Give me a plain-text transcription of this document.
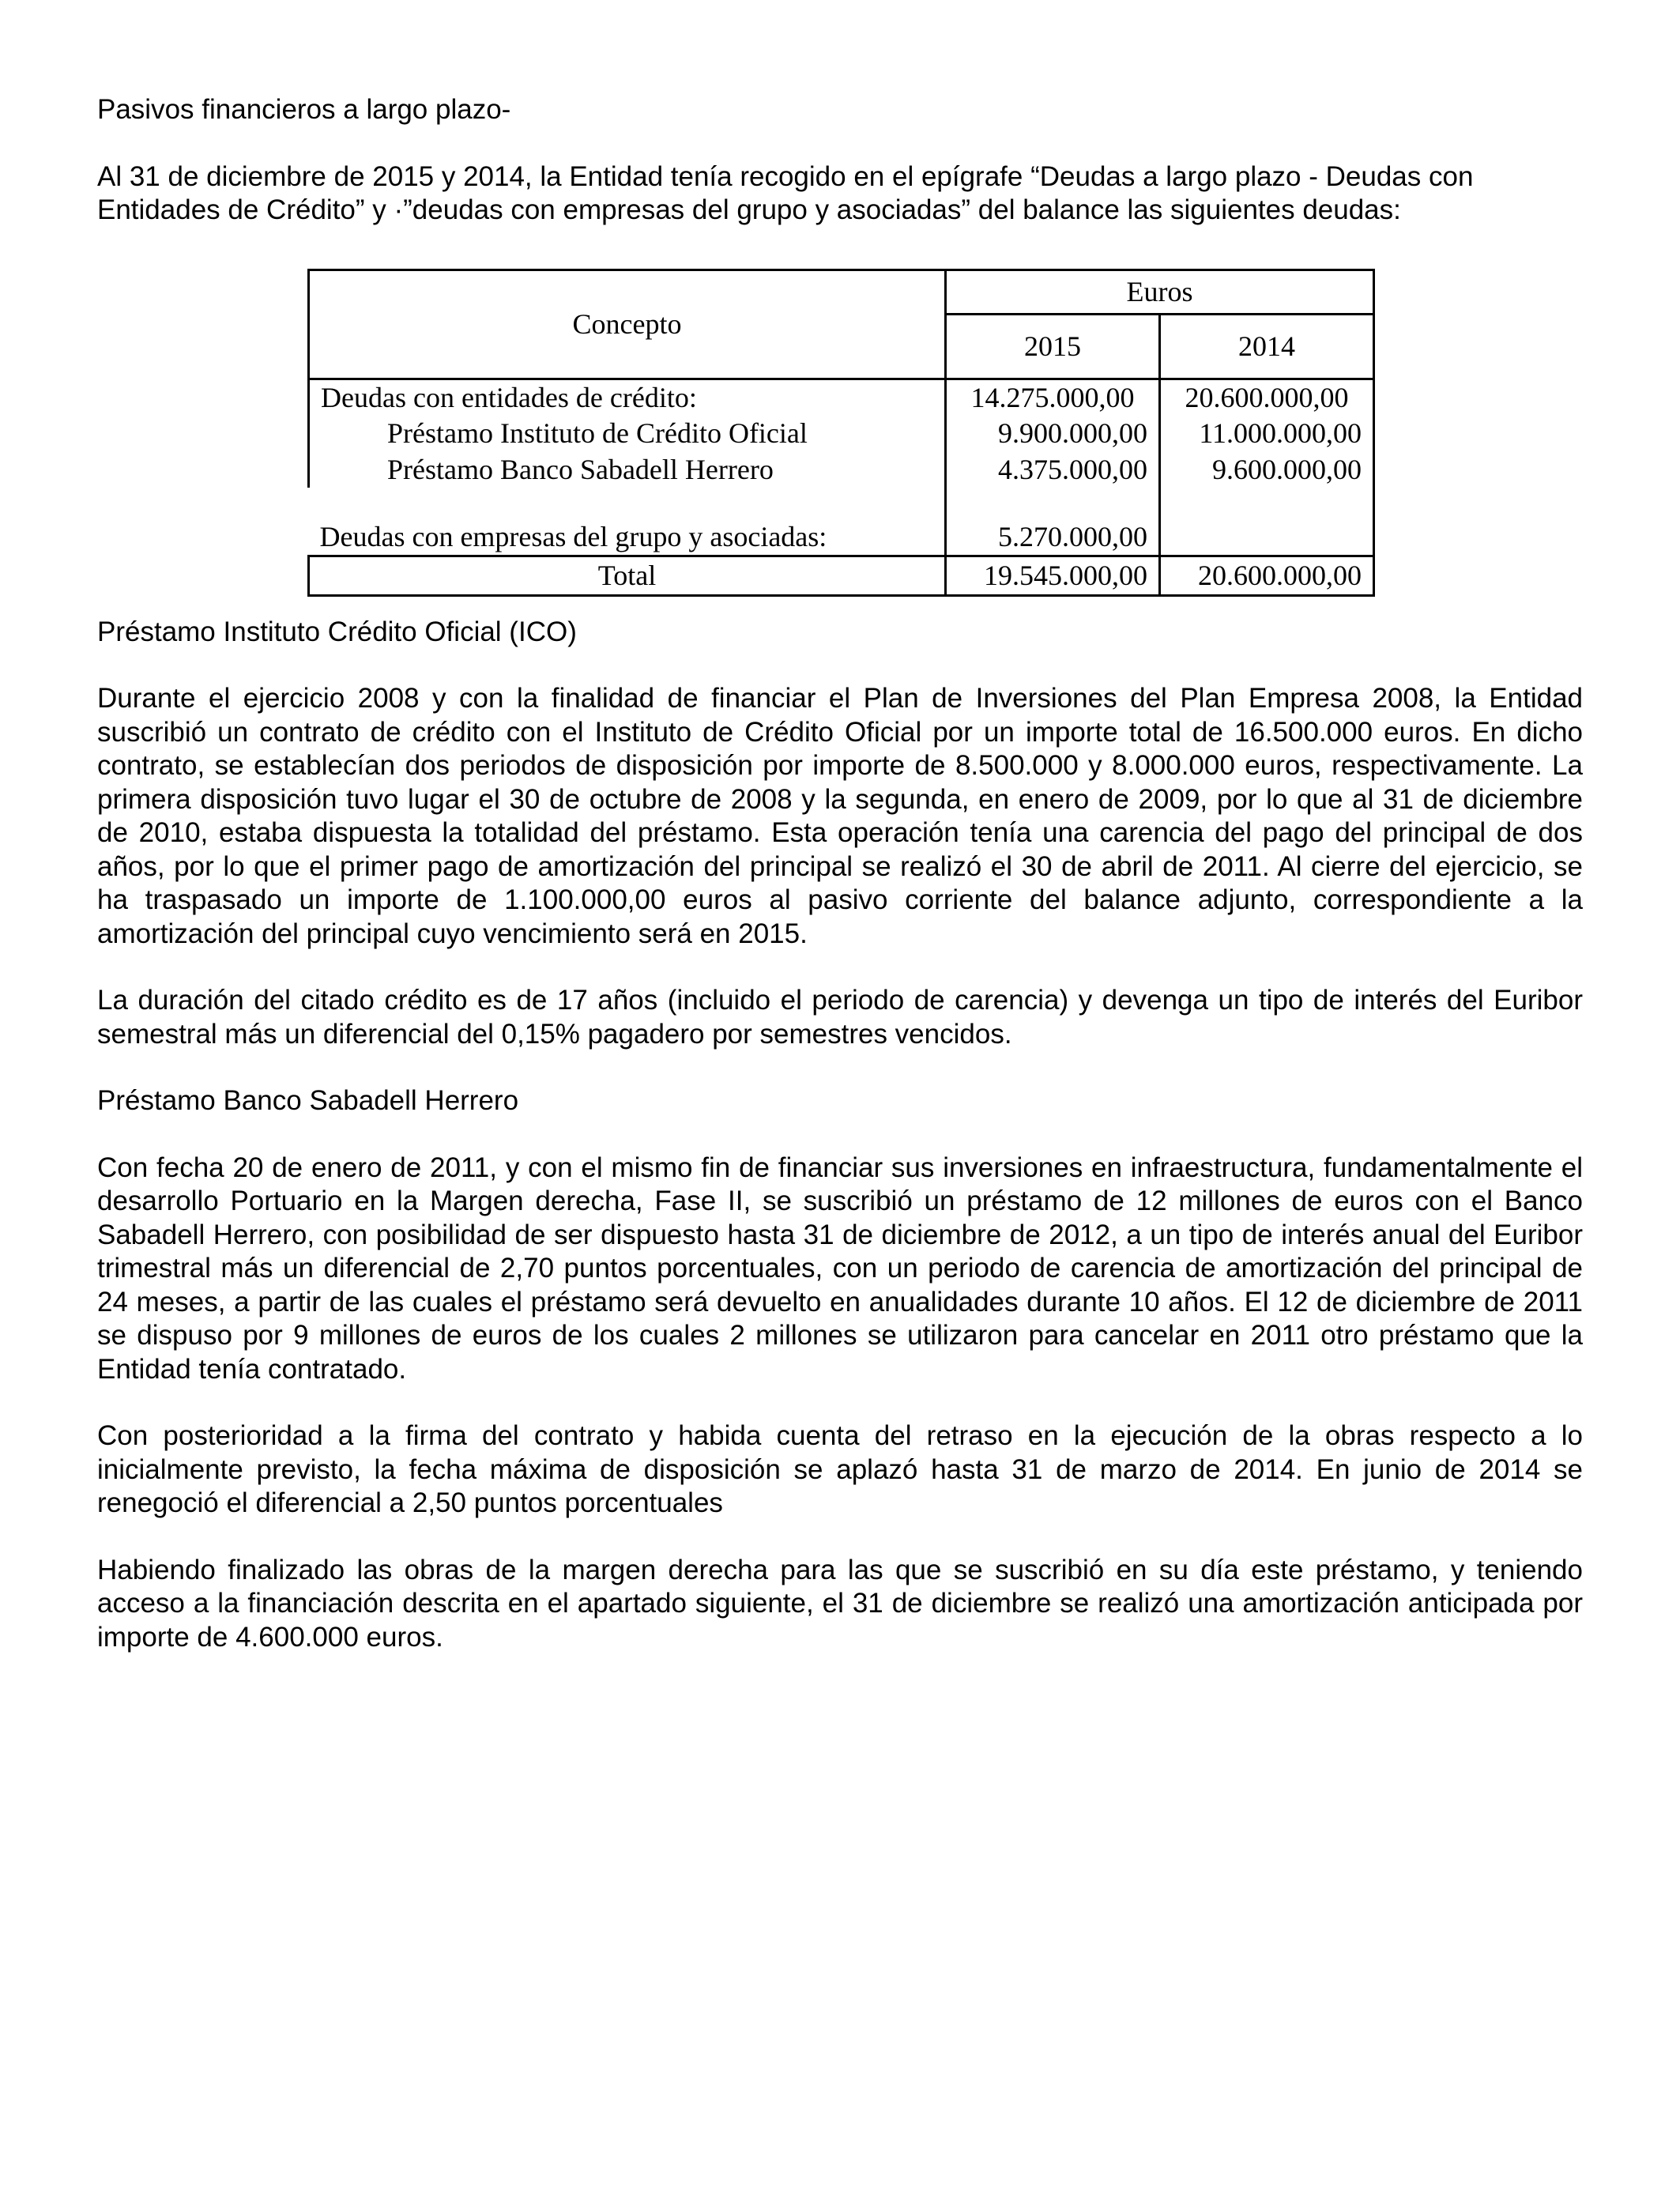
Pasivos financieros a largo plazo-

Al 31 de diciembre de 2015 y 2014, la Entidad tenía recogido en el epígrafe “Deudas a largo plazo - Deudas con Entidades de Crédito” y ·”deudas con empresas del grupo y asociadas” del balance las siguientes deudas:

Concepto	Euros	
	2015	2014
Deudas con entidades de crédito:	14.275.000,00	20.600.000,00
Préstamo Instituto de Crédito Oficial	9.900.000,00	11.000.000,00
Préstamo Banco Sabadell Herrero	4.375.000,00	9.600.000,00

Deudas con empresas del grupo y asociadas:	5.270.000,00	
Total	19.545.000,00	20.600.000,00

Préstamo Instituto Crédito Oficial (ICO)

Durante el ejercicio 2008 y con la finalidad de financiar el Plan de Inversiones del Plan Empresa 2008, la Entidad suscribió un contrato de crédito con el Instituto de Crédito Oficial por un importe total de 16.500.000 euros. En dicho contrato, se establecían dos periodos de disposición por importe de 8.500.000 y 8.000.000 euros, respectivamente. La primera disposición tuvo lugar el 30 de octubre de 2008 y la segunda, en enero de 2009, por lo que al 31 de diciembre de 2010, estaba dispuesta la totalidad del préstamo. Esta operación tenía una carencia del pago del principal de dos años, por lo que el primer pago de amortización del principal se realizó el 30 de abril de 2011. Al cierre del ejercicio, se ha traspasado un importe de 1.100.000,00 euros al pasivo corriente del balance adjunto, correspondiente a la amortización del principal cuyo vencimiento será en 2015.

La duración del citado crédito es de 17 años (incluido el periodo de carencia) y devenga un tipo de interés del Euribor semestral más un diferencial del 0,15% pagadero por semestres vencidos.

Préstamo Banco Sabadell Herrero

Con fecha 20 de enero de 2011, y con el mismo fin de financiar sus inversiones en infraestructura, fundamentalmente el desarrollo Portuario en la Margen derecha, Fase II, se suscribió un préstamo de 12 millones de euros con el Banco Sabadell Herrero, con posibilidad de ser dispuesto hasta 31 de diciembre de 2012, a un tipo de interés anual del Euribor trimestral más un diferencial de 2,70 puntos porcentuales, con un periodo de carencia de amortización del principal de 24 meses, a partir de las cuales el préstamo será devuelto en anualidades durante 10 años. El 12 de diciembre de 2011 se dispuso por 9 millones de euros de los cuales 2 millones se utilizaron para cancelar en 2011 otro préstamo que la Entidad tenía contratado.

Con posterioridad a la firma del contrato y habida cuenta del retraso en la ejecución de la obras respecto a lo inicialmente previsto, la fecha máxima de disposición se aplazó hasta 31 de marzo de 2014. En junio de 2014 se renegoció el diferencial a 2,50 puntos porcentuales

Habiendo finalizado las obras de la margen derecha para las que se suscribió en su día este préstamo, y teniendo acceso a la financiación descrita en el apartado siguiente, el 31 de diciembre se realizó una amortización anticipada por importe de 4.600.000 euros.
